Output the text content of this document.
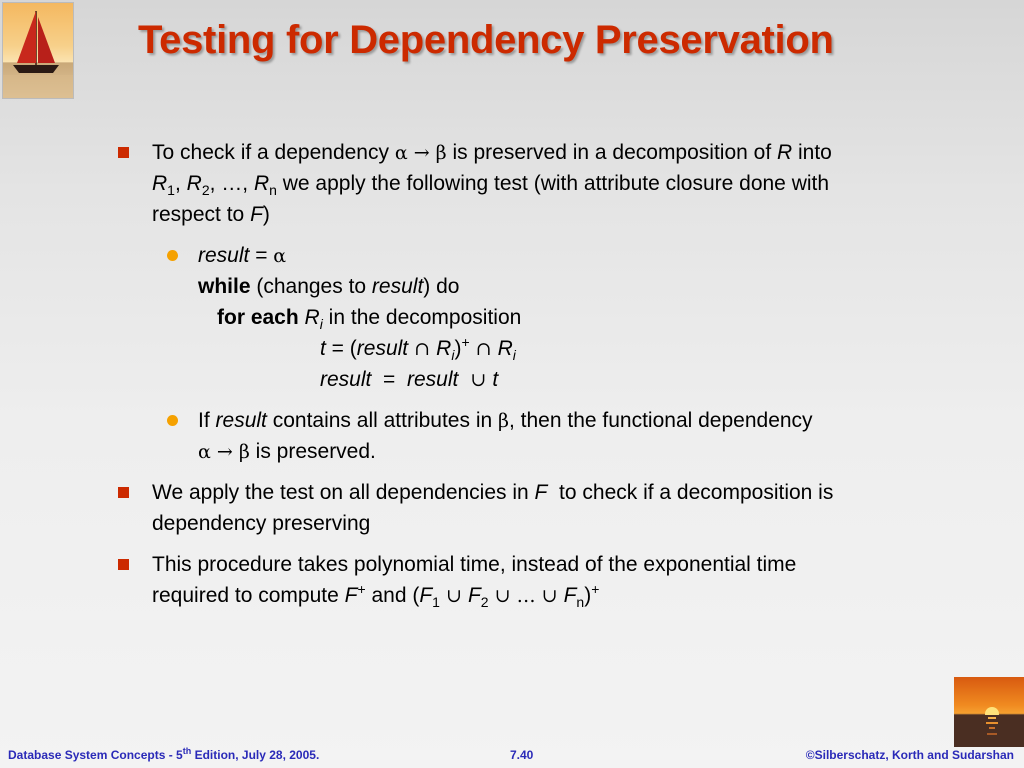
Testing for Dependency Preservation
To check if a dependency α → β is preserved in a decomposition of R into
$R_1$, $R_2$, …, $R_n$ we apply the following test (with attribute closure done with
respect to F)
result = α
while (changes to result) do
for each $R_i$ in the decomposition
t = (result ∩ $R_i)^+$ ∩ $R_i$
result  =  result  ∪ t
If result contains all attributes in β, then the functional dependency
α → β is preserved.
We apply the test on all dependencies in F  to check if a decomposition is
dependency preserving
This procedure takes polynomial time, instead of the exponential time
required to compute F+ and ($F_1$ ∪ $F_2$ ∪ … ∪ $F_n)^+$
Database System Concepts - 5th Edition, July 28, 2005.	7.40	©Silberschatz, Korth and Sudarshan
